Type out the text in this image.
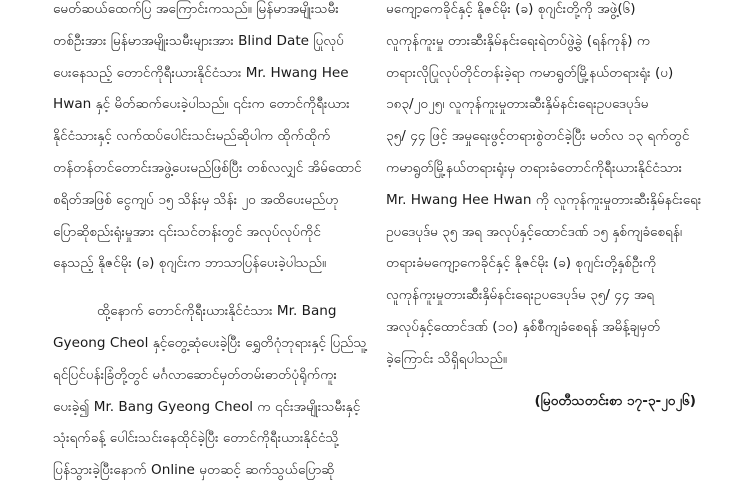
မေတ်ဆယ်ထေက်ပြ အကြောင်းကသည်။ မြန်မာအမျိုးသမီး
တစ်ဦးအား မြန်မာအမျိုးသမီးများအား Blind Date ပြုလုပ်
ပေးနေသည့် တောင်ကိုရီးယားနိုင်ငံသား Mr. Hwang Hee
Hwan နှင့် မိတ်ဆက်ပေးခဲ့ပါသည်။ ၎င်းက တောင်ကိုရီးယား
နိုင်ငံသားနှင့် လက်ထပ်ပေါင်းသင်းမည်ဆိုပါက ထိုက်ထိုက်
တန်တန်တင်တောင်းအဖွဲ့ပေးမည်ဖြစ်ပြီး တစ်လလျှင် အိမ်ထောင်
စရိတ်အဖြစ် ငွေကျပ် ၁၅ သိန်းမှ သိန်း ၂၀ အထိပေးမည်ဟု
ပြောဆိုစည်းရုံးမှုအား ၎င်းသင်တန်းတွင် အလုပ်လုပ်ကိုင်
နေသည့် နိုဇင်မိုး (ခ) စုဂျင်းက ဘာသာပြန်ပေးခဲ့ပါသည်။
ထို့နောက် တောင်ကိုရီးယားနိုင်ငံသား Mr. Bang
Gyeong Cheol နှင့်တွေ့ဆုံပေးခဲ့ပြီး ရွှေတိဂုံဘုရားနှင့် ပြည်သူ့
ရင်ပြင်ပန်းခြံတို့တွင် မင်္ဂလာဆောင်မှတ်တမ်းဓာတ်ပုံရိုက်ကူး
ပေးခဲ့၍ Mr. Bang Gyeong Cheol က ၎င်းအမျိုးသမီးနှင့်
သုံးရက်ခန့် ပေါင်းသင်းနေထိုင်ခဲ့ပြီး တောင်ကိုရီးယားနိုင်ငံသို့
ပြန်သွားခဲ့ပြီးနောက် Online မှတဆင့် ဆက်သွယ်ပြောဆို
မကျော့ကေခိုင်နှင့် နိုဇင်မိုး (ခ) စုဂျင်းတို့ကို အဖွဲ့(၆)
လူကုန်ကူးမှု တားဆီးနှိမ်နင်းရေးရဲတပ်ဖွဲ့ခွဲ (ရန်ကုန်) က
တရားလိုပြုလုပ်တိုင်တန်းခဲ့ရာ ကမာရွတ်မြို့နယ်တရားရုံး (ပ)
၁၈၃/၂၀၂၅၊ လူကုန်ကူးမှုတားဆီးနှိမ်နင်းရေးဥပဒေပုဒ်မ
၃၅/ ၄၄ ဖြင့် အမှုရေးဖွင့်တရားစွဲတင်ခဲ့ပြီး မတ်လ ၁၃ ရက်တွင်
ကမာရွတ်မြို့နယ်တရားရုံးမှ တရားခံတောင်ကိုရီးယားနိုင်ငံသား
Mr. Hwang Hee Hwan ကို လူကုန်ကူးမှုတားဆီးနှိမ်နင်းရေး
ဥပဒေပုဒ်မ ၃၅ အရ အလုပ်နှင့်ထောင်ဒဏ် ၁၅ နှစ်ကျခံစေရန်၊
တရားခံမကျော့ကေခိုင်နှင့် နိုဇင်မိုး (ခ) စုဂျင်းတို့နှစ်ဦးကို
လူကုန်ကူးမှုတားဆီးနှိမ်နင်းရေးဥပဒေပုဒ်မ ၃၅/ ၄၄ အရ
အလုပ်နှင့်ထောင်ဒဏ် (၁၀) နှစ်စီကျခံစေရန် အမိန့်ချမှတ်
ခဲ့ကြောင်း သိရှိရပါသည်။
(မြဝတီသတင်းစာ ၁၇-၃-၂၀၂၆)
